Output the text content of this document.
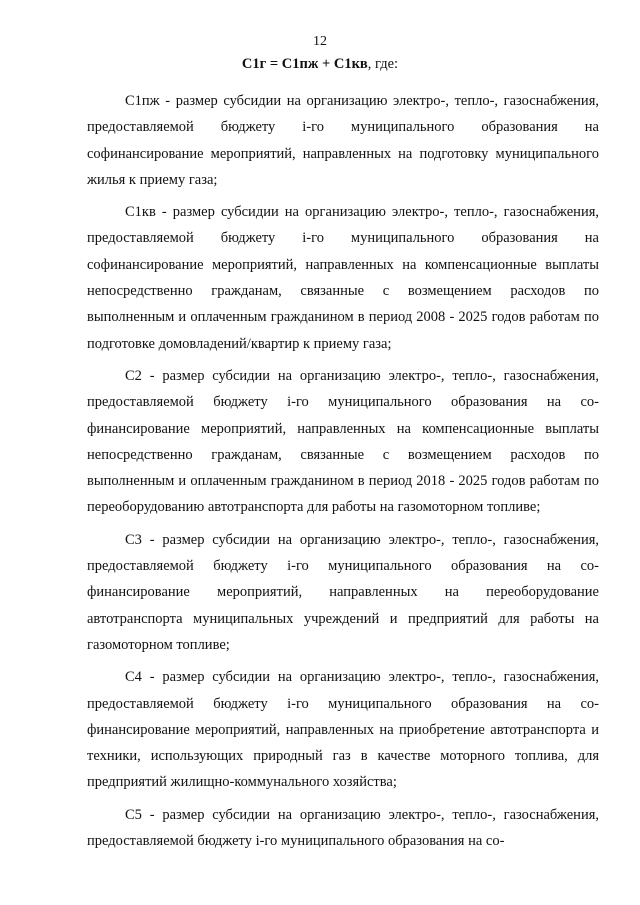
12
С1г = С1пж + С1кв, где:

С1пж - размер субсидии на организацию электро-, тепло-, газоснабжения, предоставляемой бюджету i-го муниципального образования на софинансирование мероприятий, направленных на подготовку муниципального жилья к приему газа;

С1кв - размер субсидии на организацию электро-, тепло-, газоснабжения, предоставляемой бюджету i-го муниципального образования на софинансирование мероприятий, направленных на компенсационные выплаты непосредственно гражданам, связанные с возмещением расходов по выполненным и оплаченным гражданином в период 2008 - 2025 годов работам по подготовке домовладений/квартир к приему газа;

С2 - размер субсидии на организацию электро-, тепло-, газоснабжения, предоставляемой бюджету i-го муниципального образования на со-финансирование мероприятий, направленных на компенсационные выплаты непосредственно гражданам, связанные с возмещением расходов по выполненным и оплаченным гражданином в период 2018 - 2025 годов работам по переоборудованию автотранспорта для работы на газомоторном топливе;

С3 - размер субсидии на организацию электро-, тепло-, газоснабжения, предоставляемой бюджету i-го муниципального образования на со-финансирование мероприятий, направленных на переоборудование автотранспорта муниципальных учреждений и предприятий для работы на газомоторном топливе;

С4 - размер субсидии на организацию электро-, тепло-, газоснабжения, предоставляемой бюджету i-го муниципального образования на со-финансирование мероприятий, направленных на приобретение автотранспорта и техники, использующих природный газ в качестве моторного топлива, для предприятий жилищно-коммунального хозяйства;

С5 - размер субсидии на организацию электро-, тепло-, газоснабжения, предоставляемой бюджету i-го муниципального образования на со-
